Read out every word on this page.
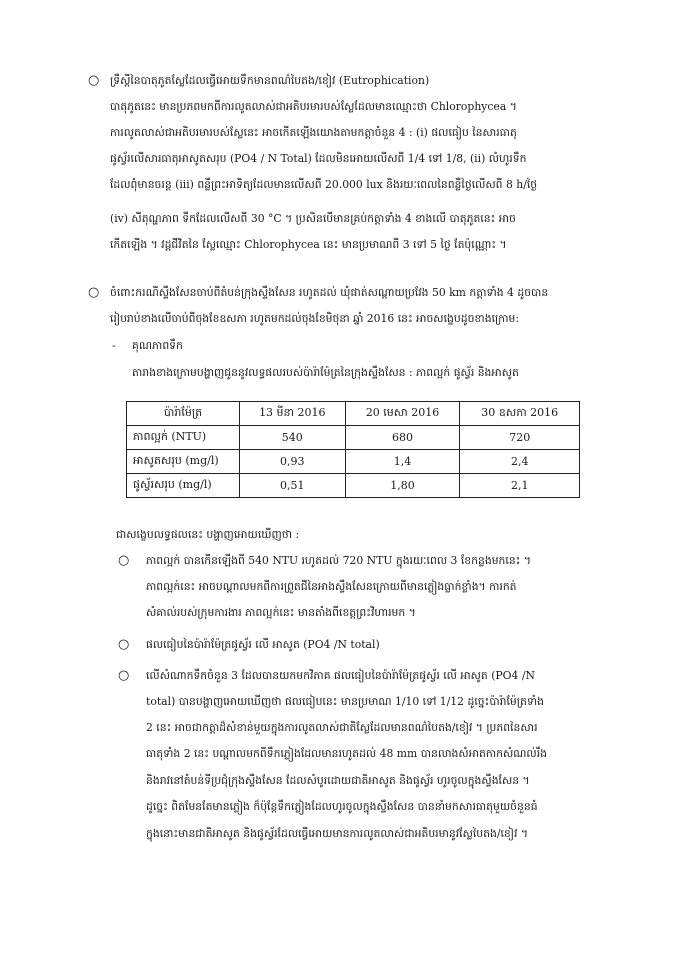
○ ទ្រឹស្តីនៃបាតុភូតស្លែដែលធ្វើអោយទឹកមានពណ៌បៃតង/ខៀវ (Eutrophication)
បាតុភូតនេះ មានប្រភពមកពីការលូតលាស់ជាអតិបរមារបស់ស្លែដែលមានឈ្មោះថា Chlorophycea ។
ការលូតលាស់ជាអតិបរមារបស់ស្លែនេះ អាចកើតឡើងយោងតាមកត្តាចំនួន 4 : (i) ផលធៀប នៃសារធាតុ
ផូស្វ័រលើសារធាតុអាសូតសរុប (PO4 / N Total) ដែលមិនអោយលើសពី 1/4 ទៅ 1/8, (ii) លំហូរទឹក
ដែលពុំមានចរន្ត (iii) ពន្លឺព្រះអាទិត្យដែលមានលើសពី 20.000 lux និងរយៈពេលនៃពន្លឺថ្ងៃលើសពី 8 h/ថ្ងៃ
(iv) សីតុណ្ហភាព ទឹកដែលលើសពី 30 °C ។ ប្រសិនបើមានគ្រប់កត្តាទាំង 4 ខាងលើ បាតុភូតនេះ អាច
កើតឡើង ។ វដ្តជីវិតនៃ ស្លែឈ្មោះ Chlorophycea នេះ មានប្រមាណពី 3 ទៅ 5 ថ្ងៃ តែប៉ុណ្ណោះ ។
○ ចំពោះករណីស្ទឹងសែនចាប់ពីតំបន់ក្រុងស្ទឹងសែន រហូតដល់ ឃុំផាត់សណ្តាយប្រវែង 50 km កត្តាទាំង 4 ដូចបាន
រៀបរាប់ខាងលើចាប់ពីចុងខែឧសភា រហូតមកដល់ចុងខែមិថុនា ឆ្នាំ 2016 នេះ អាចសង្ខេបដូចខាងក្រោម:
- គុណភាពទឹក
តារាងខាងក្រោមបង្ហាញជូននូវលទ្ធផលរបស់ប៉ារ៉ាម៉ែត្រនៃក្រុងស្ទឹងសែន : ភាពល្អក់ ផូស្វ័រ និងអាសូត
ប៉ារ៉ាម៉ែត្រ	13 មីនា 2016	20 មេសា 2016	30 ឧសភា 2016
ភាពល្អក់ (NTU)	540	680	720
អាសូតសរុប (mg/l)	0,93	1,4	2,4
ផូស្វ័រសរុប (mg/l)	0,51	1,80	2,1
ជាសង្ខេបលទ្ធផលនេះ បង្ហាញអោយឃើញថា :
○ ភាពល្អក់ បានកើនឡើងពី 540 NTU រហូតដល់ 720 NTU ក្នុងរយៈពេល 3 ខែកន្លងមកនេះ ។
ភាពល្អក់នេះ អាចបណ្តាលមកពីការព្រួតជីនៃអាងស្ទឹងសែនក្រោយពីមានភ្លៀងធ្លាក់ខ្លាំង។ ការកត់
សំគាល់របស់ក្រុមការងារ ភាពល្អក់នេះ មានតាំងពីខេត្តព្រះវិហារមក ។
○ ផលធៀបនៃប៉ារ៉ាម៉ែត្រផូស្វ័រ លើ អាសូត (PO4 /N total)
○ លើសំណាកទឹកចំនួន 3 ដែលបានយកមកវិភាគ ផលធៀបនៃប៉ារ៉ាម៉ែត្រផូស្វ័រ លើ អាសូត (PO4 /N
total) បានបង្ហាញអោយឃើញថា ផលធៀបនេះ មានប្រមាណ 1/10 ទៅ 1/12 ដូច្នេះប៉ារ៉ាម៉ែត្រទាំង
2 នេះ អាចជាកត្តាដ៏សំខាន់មួយក្នុងការលូតលាស់ជាតិស្លែដែលមានពណ៌បៃតង/ខៀវ ។ ប្រភពនៃសារ
ធាតុទាំង 2 នេះ បណ្តាលមកពីទឹកភ្លៀងដែលមានរហូតដល់ 48 mm បានលាងសំអាតកាកសំណល់រឹង
និងរាវនៅតំបន់ទីប្រជុំក្រុងស្ទឹងសែន ដែលសំបូរដោយជាតិអាសូត និងផូស្វ័រ ហូរចូលក្នុងស្ទឹងសែន ។
ដូច្នេះ ពិតមែនតែមានភ្លៀង ក៏ប៉ុន្តែទឹកភ្លៀងដែលហូរចូលក្នុងស្ទឹងសែន បាននាំមកសារធាតុមួយចំនួនធំ
ក្នុងនោះមានជាតិអាសូត និងផូស្វ័រដែលធ្វើអោយមានការលូតលាស់ជាអតិបរមានូវស្លែបៃតង/ខៀវ ។
